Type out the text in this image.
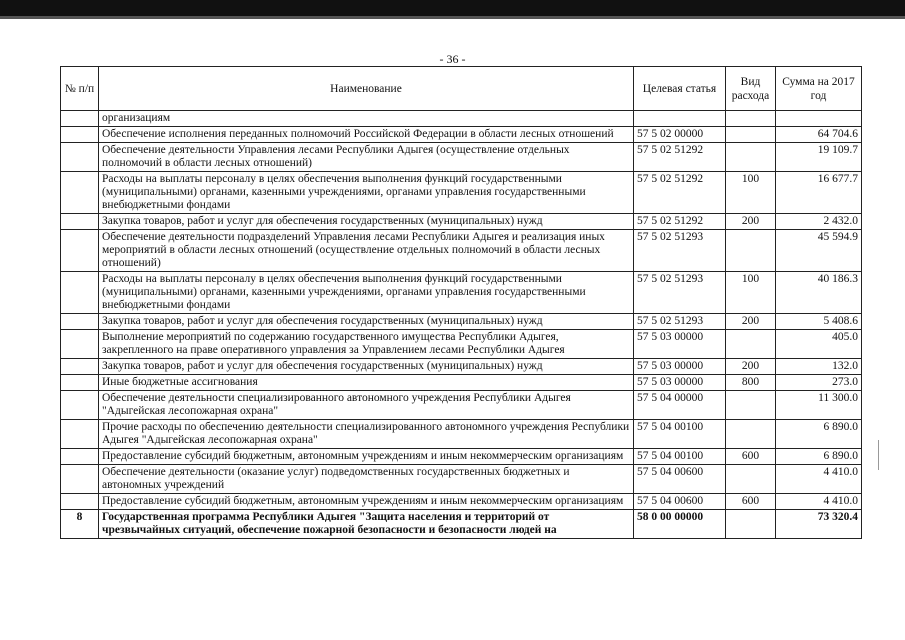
- 36 -
№ п/п	Наименование	Целевая статья	Вид расхода	Сумма на 2017 год
	организациям			
	Обеспечение исполнения переданных полномочий Российской Федерации в области лесных отношений	57 5 02 00000		64 704.6
	Обеспечение деятельности Управления лесами Республики Адыгея (осуществление отдельных полномочий в области лесных отношений)	57 5 02 51292		19 109.7
	Расходы на выплаты персоналу в целях обеспечения выполнения функций государственными (муниципальными) органами, казенными учреждениями, органами управления государственными внебюджетными фондами	57 5 02 51292	100	16 677.7
	Закупка товаров, работ и услуг для обеспечения государственных (муниципальных) нужд	57 5 02 51292	200	2 432.0
	Обеспечение деятельности подразделений Управления лесами Республики Адыгея и реализация иных мероприятий в области лесных отношений (осуществление отдельных полномочий в области лесных отношений)	57 5 02 51293		45 594.9
	Расходы на выплаты персоналу в целях обеспечения выполнения функций государственными (муниципальными) органами, казенными учреждениями, органами управления государственными внебюджетными фондами	57 5 02 51293	100	40 186.3
	Закупка товаров, работ и услуг для обеспечения государственных (муниципальных) нужд	57 5 02 51293	200	5 408.6
	Выполнение мероприятий по содержанию государственного имущества Республики Адыгея, закрепленного на праве оперативного управления за Управлением лесами Республики Адыгея	57 5 03 00000		405.0
	Закупка товаров, работ и услуг для обеспечения государственных (муниципальных) нужд	57 5 03 00000	200	132.0
	Иные бюджетные ассигнования	57 5 03 00000	800	273.0
	Обеспечение деятельности специализированного автономного учреждения Республики Адыгея "Адыгейская лесопожарная охрана"	57 5 04 00000		11 300.0
	Прочие расходы по обеспечению деятельности специализированного автономного учреждения Республики Адыгея "Адыгейская лесопожарная охрана"	57 5 04 00100		6 890.0
	Предоставление субсидий бюджетным, автономным учреждениям и иным некоммерческим организациям	57 5 04 00100	600	6 890.0
	Обеспечение деятельности (оказание услуг) подведомственных государственных бюджетных и автономных учреждений	57 5 04 00600		4 410.0
	Предоставление субсидий бюджетным, автономным учреждениям и иным некоммерческим организациям	57 5 04 00600	600	4 410.0
8	Государственная программа Республики Адыгея "Защита населения и территорий от чрезвычайных ситуаций, обеспечение пожарной безопасности и безопасности людей на	58 0 00 00000		73 320.4
